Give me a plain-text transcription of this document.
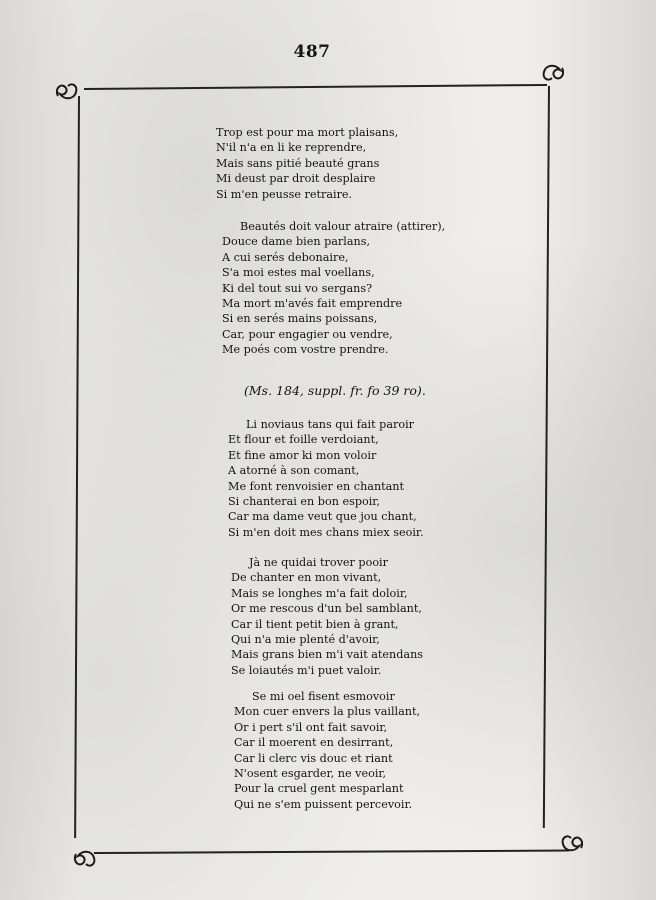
487
Trop est pour ma mort plaisans,
N'il n'a en li ke reprendre,
Mais sans pitié beauté grans
Mi deust par droit desplaire
Si m'en peusse retraire.
Beautés doit valour atraire (attirer),
Douce dame bien parlans,
A cui serés debonaire,
S'a moi estes mal voellans,
Ki del tout sui vo sergans?
Ma mort m'avés fait emprendre
Si en serés mains poissans,
Car, pour engagier ou vendre,
Me poés com vostre prendre.
(Ms. 184, suppl. fr. fo 39 ro).
Li noviaus tans qui fait paroir
Et flour et foille verdoiant,
Et fine amor ki mon voloir
A atorné à son comant,
Me font renvoisier en chantant
Si chanterai en bon espoir,
Car ma dame veut que jou chant,
Si m'en doit mes chans miex seoir.
Jà ne quidai trover pooir
De chanter en mon vivant,
Mais se longhes m'a fait doloir,
Or me rescous d'un bel samblant,
Car il tient petit bien à grant,
Qui n'a mie plenté d'avoir,
Mais grans bien m'i vait atendans
Se loiautés m'i puet valoir.
Se mi oel fisent esmovoir
Mon cuer envers la plus vaillant,
Or i pert s'il ont fait savoir,
Car il moerent en desirrant,
Car li clerc vis douc et riant
N'osent esgarder, ne veoir,
Pour la cruel gent mesparlant
Qui ne s'em puissent percevoir.
